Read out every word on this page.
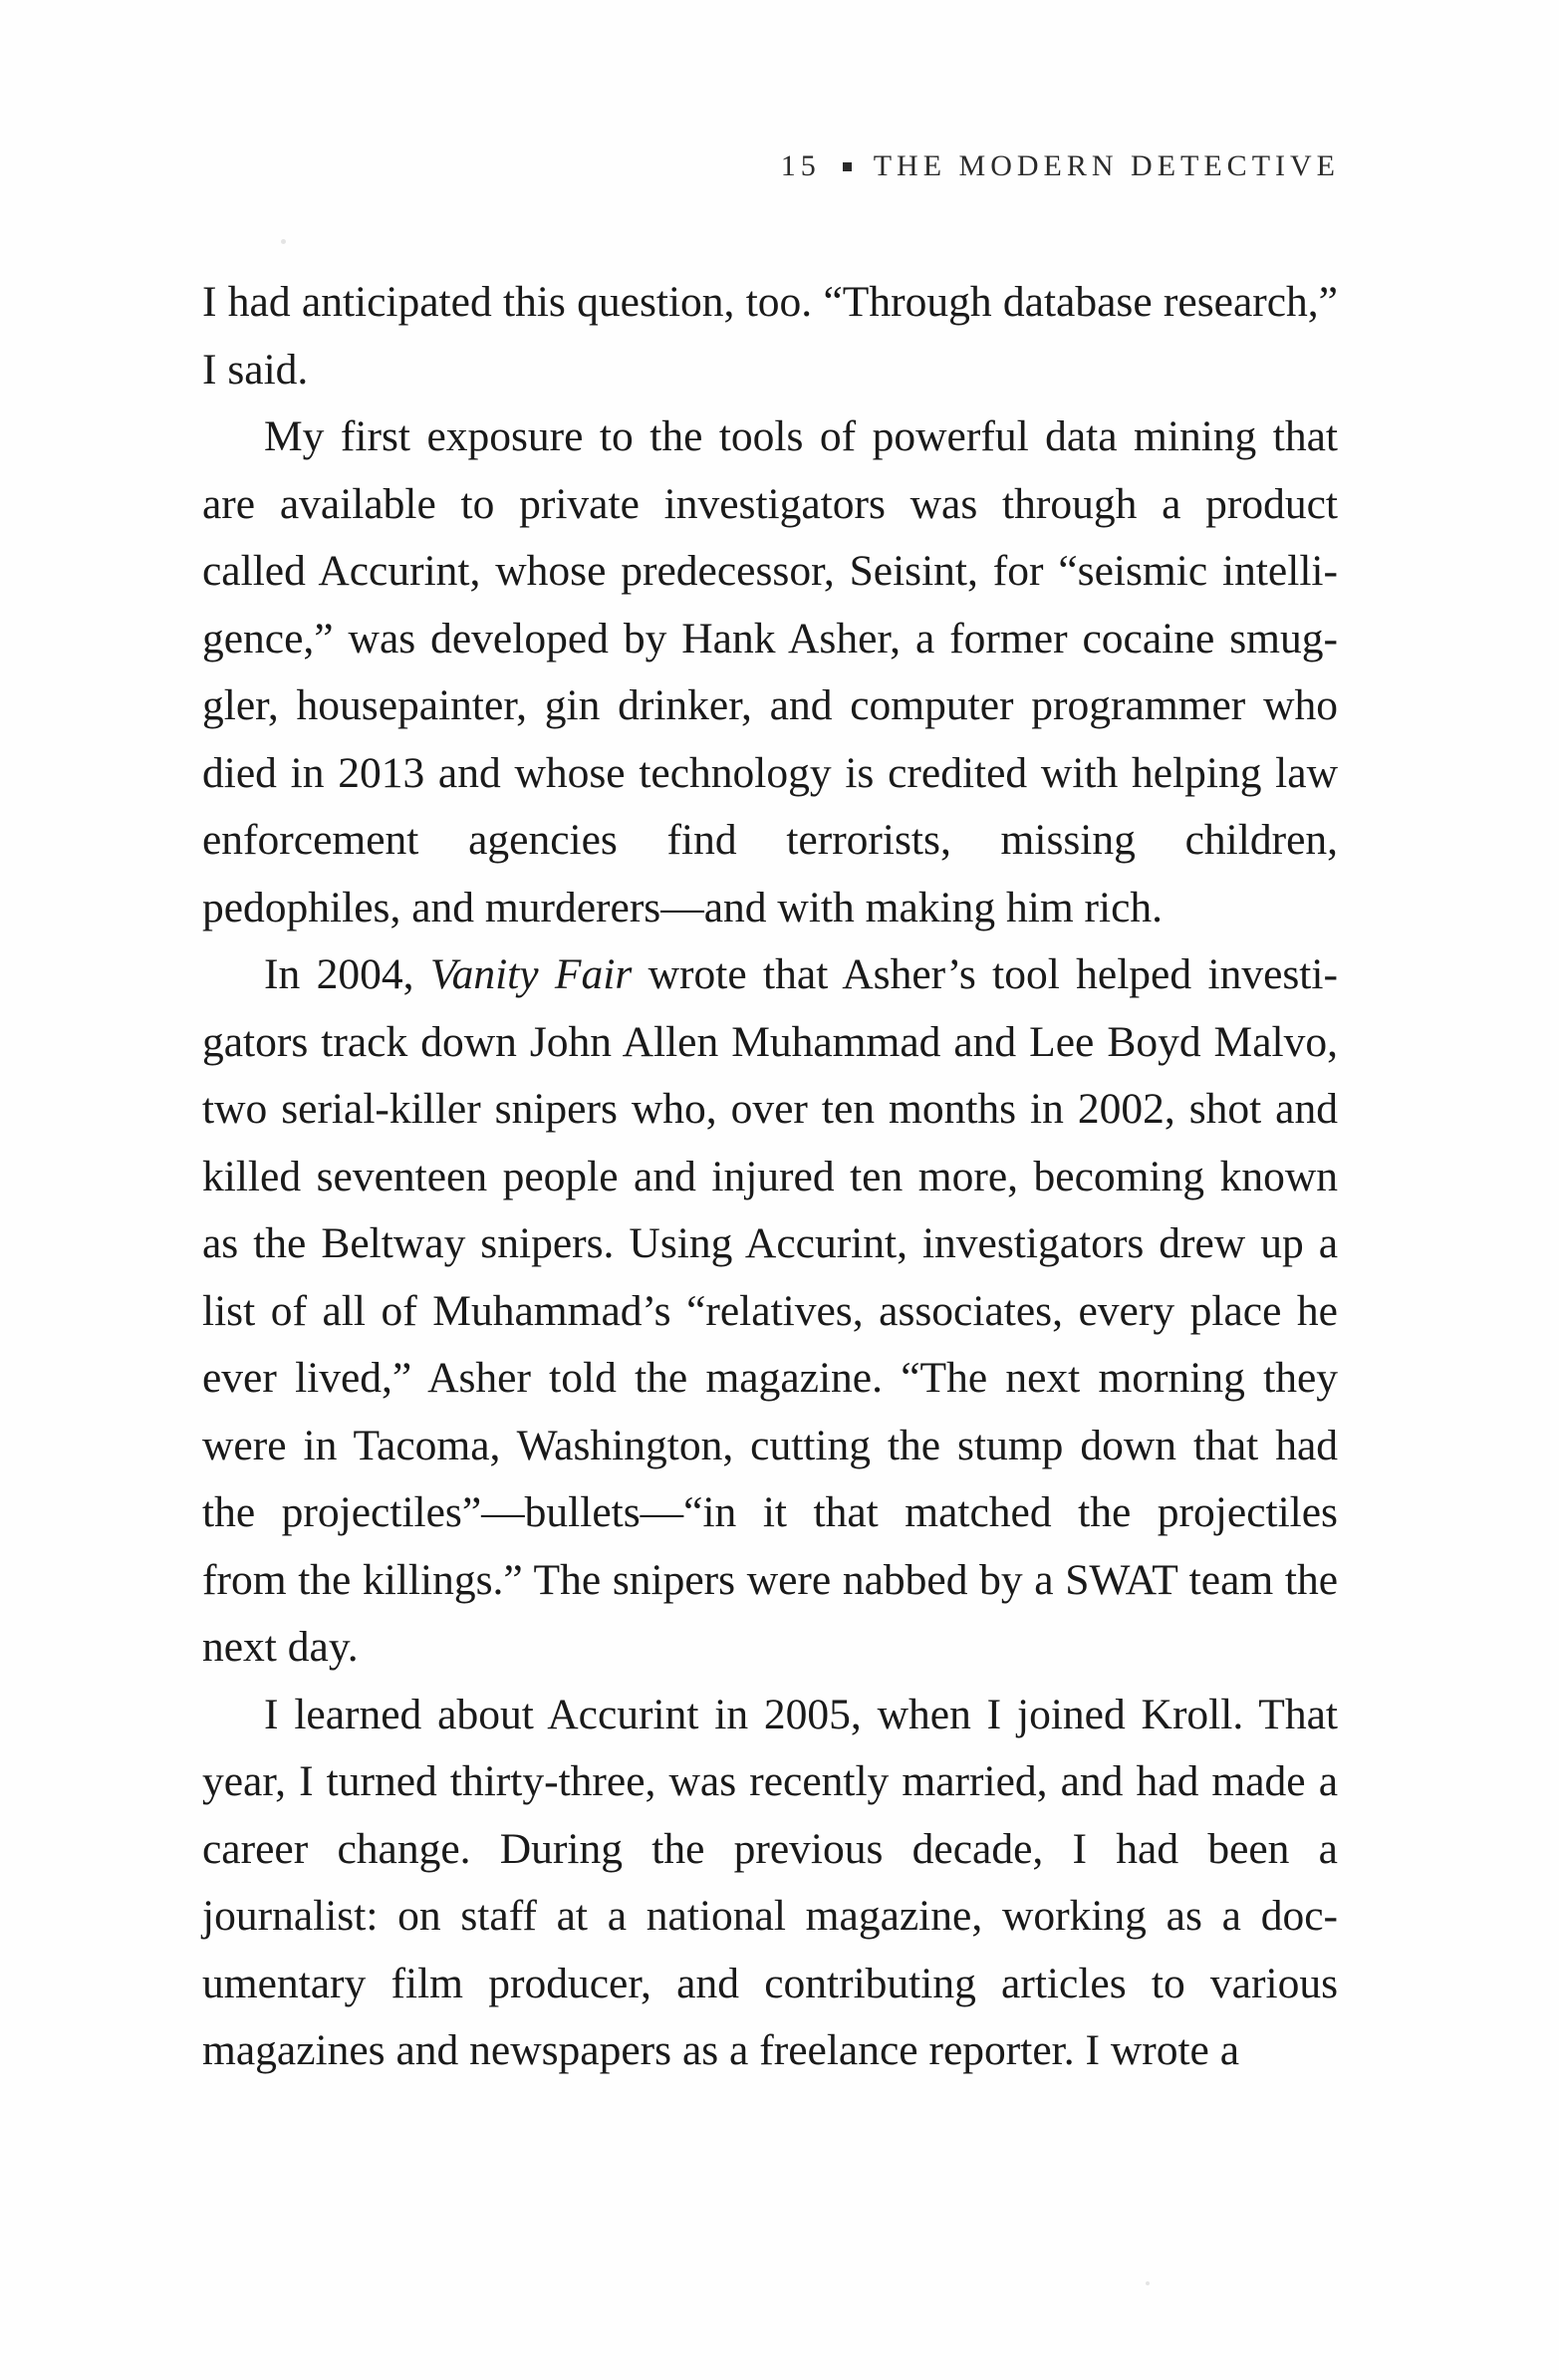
15 THE MODERN DETECTIVE

I had anticipated this question, too. “Through database research,” I said.

My first exposure to the tools of powerful data mining that are available to private investigators was through a product called Accurint, whose predecessor, Seisint, for “seismic intelligence,” was developed by Hank Asher, a former cocaine smuggler, housepainter, gin drinker, and computer programmer who died in 2013 and whose technology is credited with helping law enforcement agencies find terrorists, missing children, pedophiles, and murderers—and with making him rich.

In 2004, Vanity Fair wrote that Asher’s tool helped investigators track down John Allen Muhammad and Lee Boyd Malvo, two serial-killer snipers who, over ten months in 2002, shot and killed seventeen people and injured ten more, becoming known as the Beltway snipers. Using Accurint, investigators drew up a list of all of Muhammad’s “relatives, associates, every place he ever lived,” Asher told the magazine. “The next morning they were in Tacoma, Washington, cutting the stump down that had the projectiles”—bullets—“in it that matched the projectiles from the killings.” The snipers were nabbed by a SWAT team the next day.

I learned about Accurint in 2005, when I joined Kroll. That year, I turned thirty-three, was recently married, and had made a career change. During the previous decade, I had been a journalist: on staff at a national magazine, working as a documentary film producer, and contributing articles to various magazines and newspapers as a freelance reporter. I wrote a
